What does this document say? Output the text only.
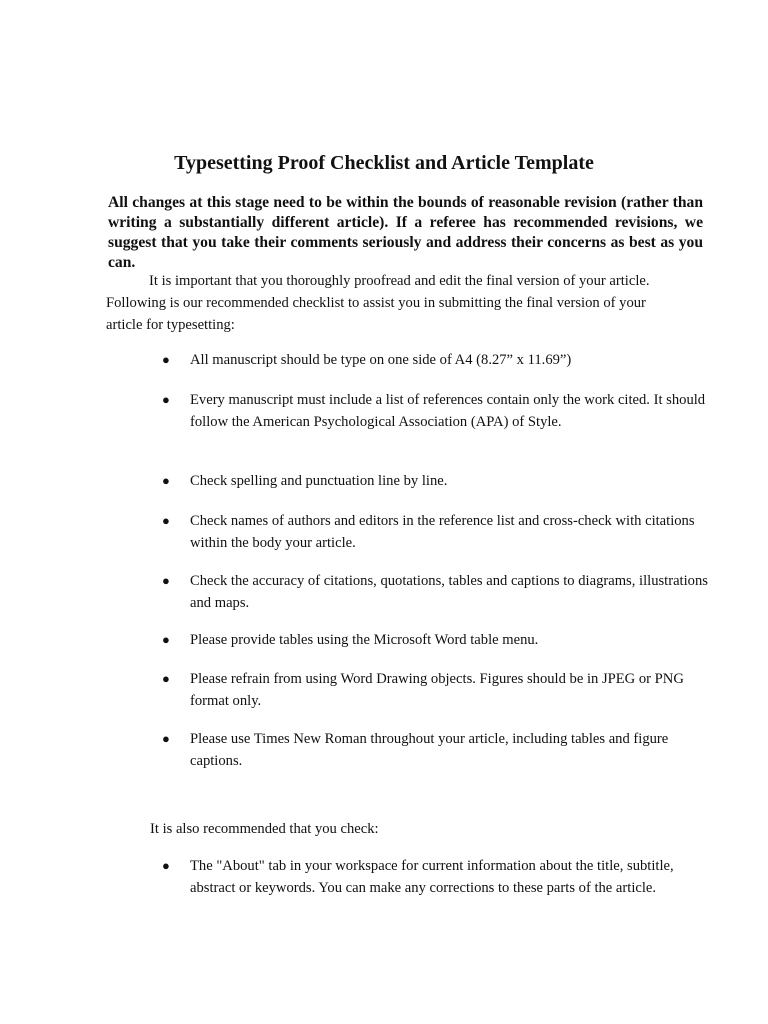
Typesetting Proof Checklist and Article Template

All changes at this stage need to be within the bounds of reasonable revision (rather than writing a substantially different article). If a referee has recommended revisions, we suggest that you take their comments seriously and address their concerns as best as you can.

It is important that you thoroughly proofread and edit the final version of your article. Following is our recommended checklist to assist you in submitting the final version of your article for typesetting:

● All manuscript should be type on one side of A4 (8.27” x 11.69”)
● Every manuscript must include a list of references contain only the work cited. It should follow the American Psychological Association (APA) of Style.
● Check spelling and punctuation line by line.
● Check names of authors and editors in the reference list and cross-check with citations within the body your article.
● Check the accuracy of citations, quotations, tables and captions to diagrams, illustrations and maps.
● Please provide tables using the Microsoft Word table menu.
● Please refrain from using Word Drawing objects. Figures should be in JPEG or PNG format only.
● Please use Times New Roman throughout your article, including tables and figure captions.

It is also recommended that you check:

● The "About" tab in your workspace for current information about the title, subtitle, abstract or keywords. You can make any corrections to these parts of the article.
